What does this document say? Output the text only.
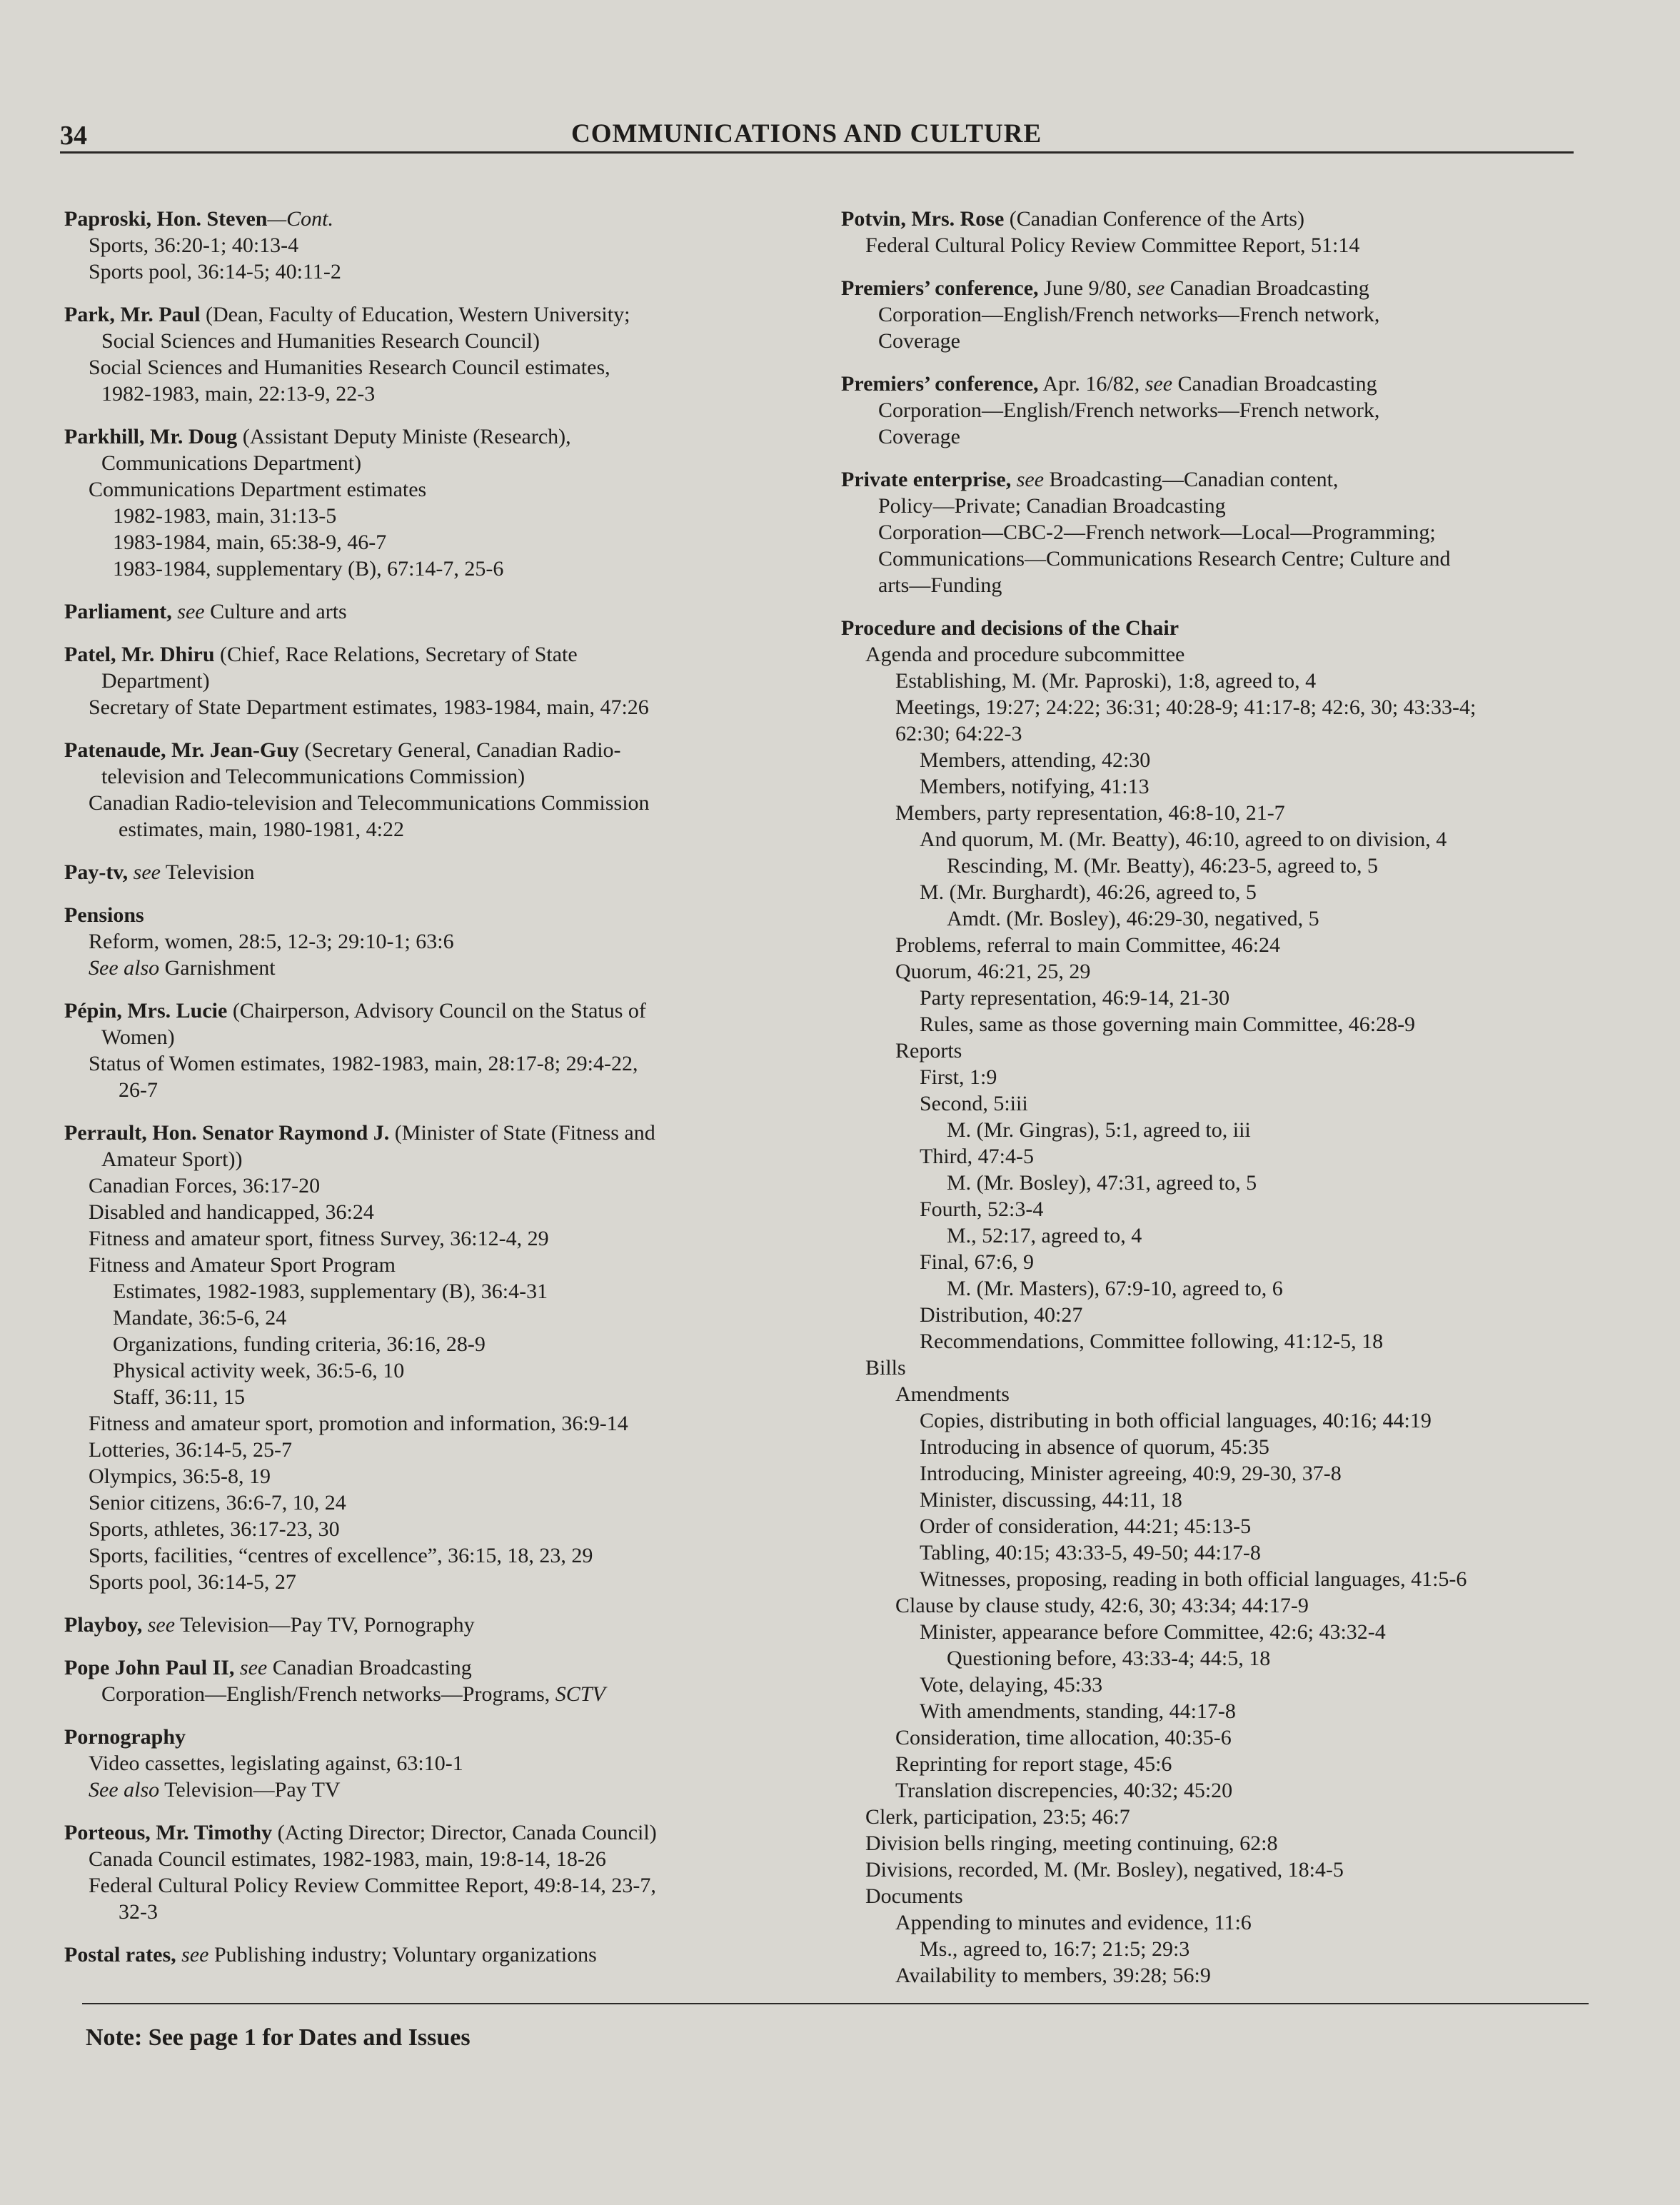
34	COMMUNICATIONS AND CULTURE
Paproski, Hon. Steven—Cont.
Sports, 36:20-1; 40:13-4
Sports pool, 36:14-5; 40:11-2
Park, Mr. Paul (Dean, Faculty of Education, Western University;
Social Sciences and Humanities Research Council)
Social Sciences and Humanities Research Council estimates,
1982-1983, main, 22:13-9, 22-3
Parkhill, Mr. Doug (Assistant Deputy Ministe (Research),
Communications Department)
Communications Department estimates
1982-1983, main, 31:13-5
1983-1984, main, 65:38-9, 46-7
1983-1984, supplementary (B), 67:14-7, 25-6
Parliament, see Culture and arts
Patel, Mr. Dhiru (Chief, Race Relations, Secretary of State
Department)
Secretary of State Department estimates, 1983-1984, main, 47:26
Patenaude, Mr. Jean-Guy (Secretary General, Canadian Radio-
television and Telecommunications Commission)
Canadian Radio-television and Telecommunications Commission
estimates, main, 1980-1981, 4:22
Pay-tv, see Television
Pensions
Reform, women, 28:5, 12-3; 29:10-1; 63:6
See also Garnishment
Pépin, Mrs. Lucie (Chairperson, Advisory Council on the Status of
Women)
Status of Women estimates, 1982-1983, main, 28:17-8; 29:4-22,
26-7
Perrault, Hon. Senator Raymond J. (Minister of State (Fitness and
Amateur Sport))
Canadian Forces, 36:17-20
Disabled and handicapped, 36:24
Fitness and amateur sport, fitness Survey, 36:12-4, 29
Fitness and Amateur Sport Program
Estimates, 1982-1983, supplementary (B), 36:4-31
Mandate, 36:5-6, 24
Organizations, funding criteria, 36:16, 28-9
Physical activity week, 36:5-6, 10
Staff, 36:11, 15
Fitness and amateur sport, promotion and information, 36:9-14
Lotteries, 36:14-5, 25-7
Olympics, 36:5-8, 19
Senior citizens, 36:6-7, 10, 24
Sports, athletes, 36:17-23, 30
Sports, facilities, “centres of excellence”, 36:15, 18, 23, 29
Sports pool, 36:14-5, 27
Playboy, see Television—Pay TV, Pornography
Pope John Paul II, see Canadian Broadcasting
Corporation—English/French networks—Programs, SCTV
Pornography
Video cassettes, legislating against, 63:10-1
See also Television—Pay TV
Porteous, Mr. Timothy (Acting Director; Director, Canada Council)
Canada Council estimates, 1982-1983, main, 19:8-14, 18-26
Federal Cultural Policy Review Committee Report, 49:8-14, 23-7,
32-3
Postal rates, see Publishing industry; Voluntary organizations
Potvin, Mrs. Rose (Canadian Conference of the Arts)
Federal Cultural Policy Review Committee Report, 51:14
Premiers’ conference, June 9/80, see Canadian Broadcasting
Corporation—English/French networks—French network,
Coverage
Premiers’ conference, Apr. 16/82, see Canadian Broadcasting
Corporation—English/French networks—French network,
Coverage
Private enterprise, see Broadcasting—Canadian content,
Policy—Private; Canadian Broadcasting
Corporation—CBC-2—French network—Local—Programming;
Communications—Communications Research Centre; Culture and
arts—Funding
Procedure and decisions of the Chair
Agenda and procedure subcommittee
Establishing, M. (Mr. Paproski), 1:8, agreed to, 4
Meetings, 19:27; 24:22; 36:31; 40:28-9; 41:17-8; 42:6, 30; 43:33-4;
62:30; 64:22-3
Members, attending, 42:30
Members, notifying, 41:13
Members, party representation, 46:8-10, 21-7
And quorum, M. (Mr. Beatty), 46:10, agreed to on division, 4
Rescinding, M. (Mr. Beatty), 46:23-5, agreed to, 5
M. (Mr. Burghardt), 46:26, agreed to, 5
Amdt. (Mr. Bosley), 46:29-30, negatived, 5
Problems, referral to main Committee, 46:24
Quorum, 46:21, 25, 29
Party representation, 46:9-14, 21-30
Rules, same as those governing main Committee, 46:28-9
Reports
First, 1:9
Second, 5:iii
M. (Mr. Gingras), 5:1, agreed to, iii
Third, 47:4-5
M. (Mr. Bosley), 47:31, agreed to, 5
Fourth, 52:3-4
M., 52:17, agreed to, 4
Final, 67:6, 9
M. (Mr. Masters), 67:9-10, agreed to, 6
Distribution, 40:27
Recommendations, Committee following, 41:12-5, 18
Bills
Amendments
Copies, distributing in both official languages, 40:16; 44:19
Introducing in absence of quorum, 45:35
Introducing, Minister agreeing, 40:9, 29-30, 37-8
Minister, discussing, 44:11, 18
Order of consideration, 44:21; 45:13-5
Tabling, 40:15; 43:33-5, 49-50; 44:17-8
Witnesses, proposing, reading in both official languages, 41:5-6
Clause by clause study, 42:6, 30; 43:34; 44:17-9
Minister, appearance before Committee, 42:6; 43:32-4
Questioning before, 43:33-4; 44:5, 18
Vote, delaying, 45:33
With amendments, standing, 44:17-8
Consideration, time allocation, 40:35-6
Reprinting for report stage, 45:6
Translation discrepencies, 40:32; 45:20
Clerk, participation, 23:5; 46:7
Division bells ringing, meeting continuing, 62:8
Divisions, recorded, M. (Mr. Bosley), negatived, 18:4-5
Documents
Appending to minutes and evidence, 11:6
Ms., agreed to, 16:7; 21:5; 29:3
Availability to members, 39:28; 56:9
Note: See page 1 for Dates and Issues
